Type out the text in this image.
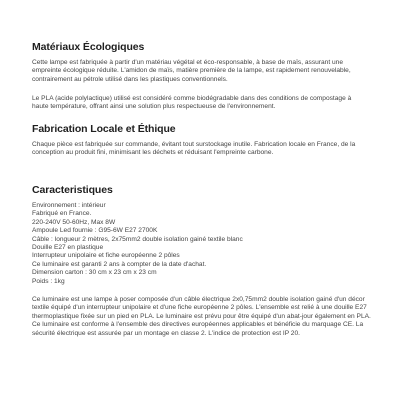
Matériaux Écologiques

Cette lampe est fabriquée à partir d'un matériau végétal et éco-responsable, à base de maïs, assurant une empreinte écologique réduite. L'amidon de maïs, matière première de la lampe, est rapidement renouvelable, contrairement au pétrole utilisé dans les plastiques conventionnels.

Le PLA (acide polylactique) utilisé est considéré comme biodégradable dans des conditions de compostage à haute température, offrant ainsi une solution plus respectueuse de l'environnement.

Fabrication Locale et Éthique

Chaque pièce est fabriquée sur commande, évitant tout surstockage inutile. Fabrication locale en France, de la conception au produit fini, minimisant les déchets et réduisant l'empreinte carbone.

Caracteristiques
Environnement : intérieur
Fabriqué en France.
220-240V 50-60Hz, Max 8W
Ampoule Led fournie : G95-6W E27 2700K
Câble : longueur 2 mètres, 2x75mm2 double isolation gainé textile blanc
Douille E27 en plastique
Interrupteur unipolaire et fiche européenne 2 pôles
Ce luminaire est garanti 2 ans à compter de la date d'achat.
Dimension carton : 30 cm x 23 cm x 23 cm
Poids : 1kg

Ce luminaire est une lampe à poser composée d'un câble électrique 2x0,75mm2 double isolation gainé d'un décor textile équipé d'un interrupteur unipolaire et d'une fiche européenne 2 pôles. L'ensemble est relié à une douille E27 thermoplastique fixée sur un pied en PLA. Le luminaire est prévu pour être équipé d'un abat-jour également en PLA. Ce luminaire est conforme à l'ensemble des directives européennes applicables et bénéficie du marquage CE. La sécurité électrique est assurée par un montage en classe 2. L'indice de protection est IP 20.
